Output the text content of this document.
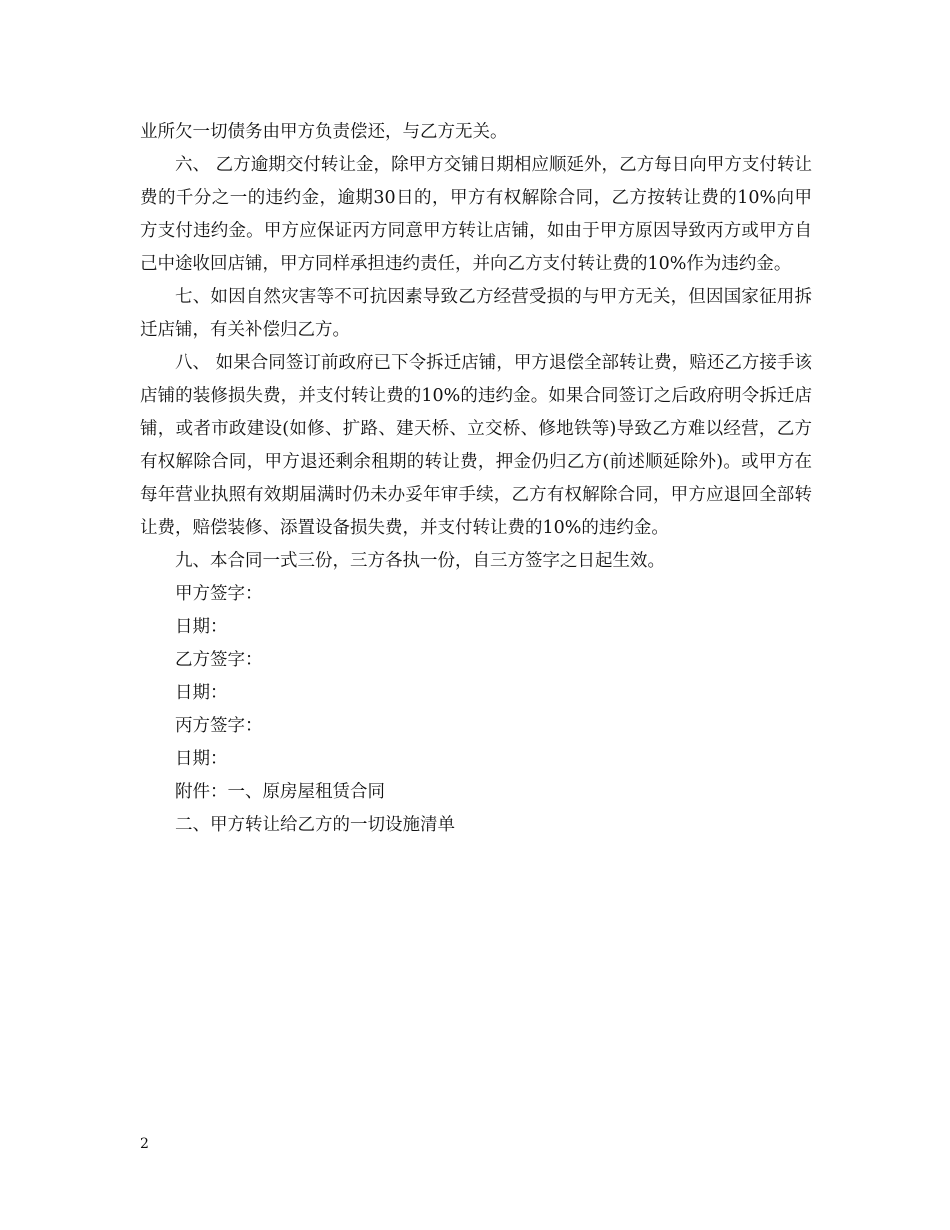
业所欠一切债务由甲方负责偿还，与乙方无关。

六、 乙方逾期交付转让金，除甲方交铺日期相应顺延外，乙方每日向甲方支付转让费的千分之一的违约金，逾期30日的，甲方有权解除合同，乙方按转让费的10%向甲方支付违约金。甲方应保证丙方同意甲方转让店铺，如由于甲方原因导致丙方或甲方自己中途收回店铺，甲方同样承担违约责任，并向乙方支付转让费的10%作为违约金。

七、如因自然灾害等不可抗因素导致乙方经营受损的与甲方无关，但因国家征用拆迁店铺，有关补偿归乙方。

八、 如果合同签订前政府已下令拆迁店铺，甲方退偿全部转让费，赔还乙方接手该店铺的装修损失费，并支付转让费的10%的违约金。如果合同签订之后政府明令拆迁店铺，或者市政建设(如修、扩路、建天桥、立交桥、修地铁等)导致乙方难以经营，乙方有权解除合同，甲方退还剩余租期的转让费，押金仍归乙方(前述顺延除外)。或甲方在每年营业执照有效期届满时仍未办妥年审手续，乙方有权解除合同，甲方应退回全部转让费，赔偿装修、添置设备损失费，并支付转让费的10%的违约金。

九、本合同一式三份，三方各执一份，自三方签字之日起生效。

甲方签字：

日期：

乙方签字：

日期：

丙方签字：

日期：

附件：一、原房屋租赁合同

二、甲方转让给乙方的一切设施清单

2
